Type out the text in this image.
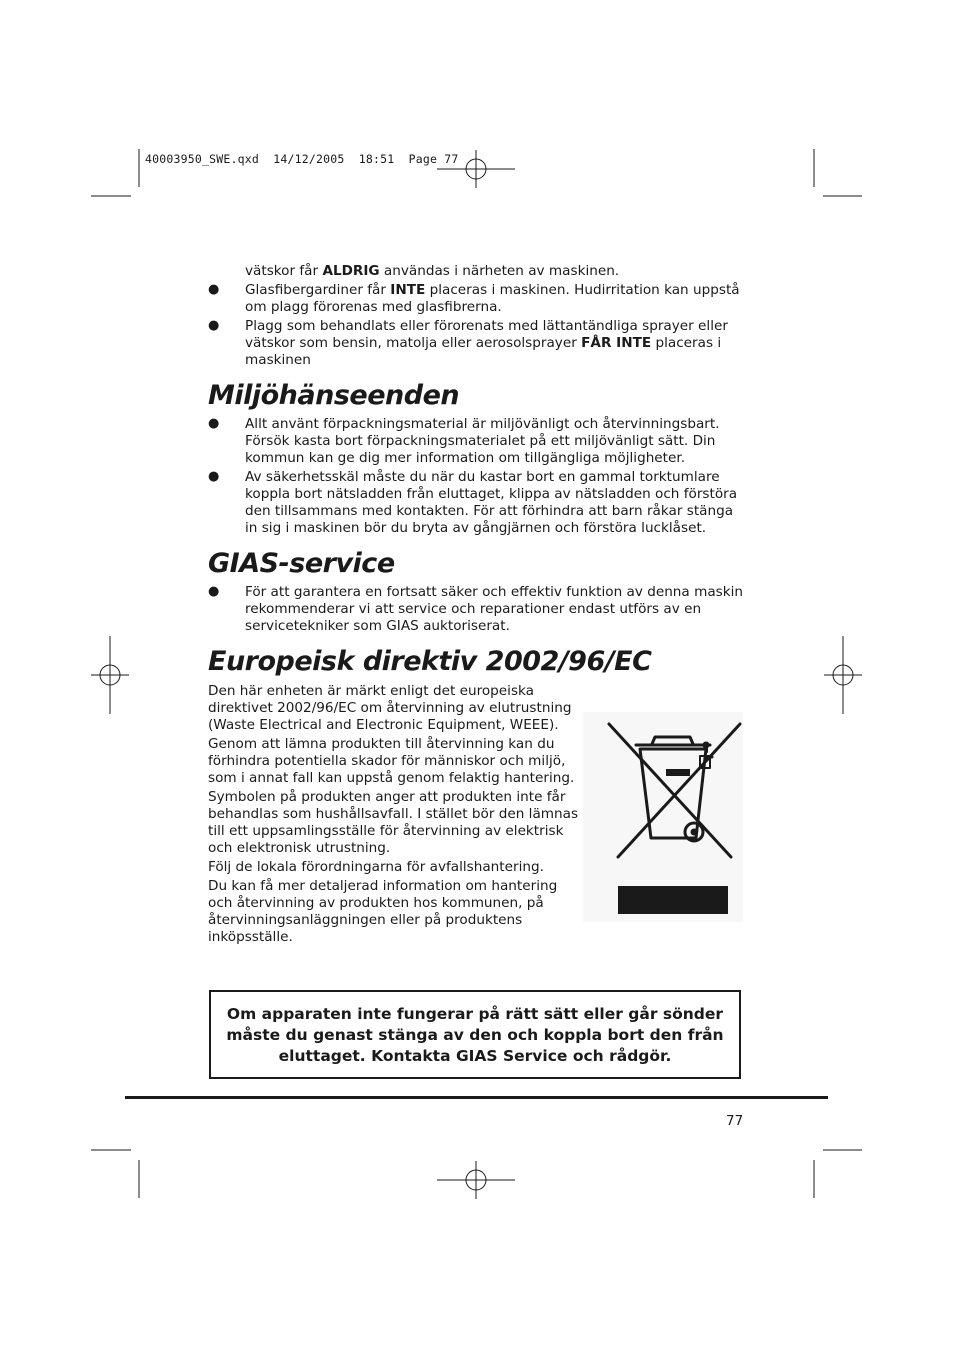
40003950_SWE.qxd  14/12/2005  18:51  Page 77
vätskor får ALDRIG användas i närheten av maskinen.
● Glasfibergardiner får INTE placeras i maskinen. Hudirritation kan uppstå
om plagg förorenas med glasfibrerna.
● Plagg som behandlats eller förorenats med lättantändliga sprayer eller
vätskor som bensin, matolja eller aerosolsprayer FÅR INTE placeras i
maskinen
Miljöhänseenden
● Allt använt förpackningsmaterial är miljövänligt och återvinningsbart.
Försök kasta bort förpackningsmaterialet på ett miljövänligt sätt. Din
kommun kan ge dig mer information om tillgängliga möjligheter.
● Av säkerhetsskäl måste du när du kastar bort en gammal torktumlare
koppla bort nätsladden från eluttaget, klippa av nätsladden och förstöra
den tillsammans med kontakten. För att förhindra att barn råkar stänga
in sig i maskinen bör du bryta av gångjärnen och förstöra lucklåset.
GIAS-service
● För att garantera en fortsatt säker och effektiv funktion av denna maskin
rekommenderar vi att service och reparationer endast utförs av en
servicetekniker som GIAS auktoriserat.
Europeisk direktiv 2002/96/EC
Den här enheten är märkt enligt det europeiska
direktivet 2002/96/EC om återvinning av elutrustning
(Waste Electrical and Electronic Equipment, WEEE).
Genom att lämna produkten till återvinning kan du
förhindra potentiella skador för människor och miljö,
som i annat fall kan uppstå genom felaktig hantering.
Symbolen på produkten anger att produkten inte får
behandlas som hushållsavfall. I stället bör den lämnas
till ett uppsamlingsställe för återvinning av elektrisk
och elektronisk utrustning.
Följ de lokala förordningarna för avfallshantering.
Du kan få mer detaljerad information om hantering
och återvinning av produkten hos kommunen, på
återvinningsanläggningen eller på produktens
inköpsställe.
Om apparaten inte fungerar på rätt sätt eller går sönder
måste du genast stänga av den och koppla bort den från
eluttaget. Kontakta GIAS Service och rådgör.
77
